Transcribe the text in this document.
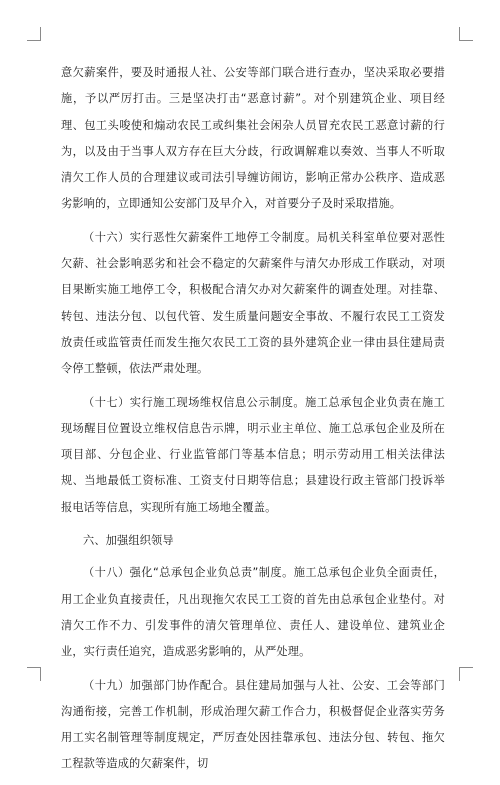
意欠薪案件，要及时通报人社、公安等部门联合进行查办，坚决采取必要措施，予以严厉打击。三是坚决打击“恶意讨薪”。对个别建筑企业、项目经理、包工头唆使和煽动农民工或纠集社会闲杂人员冒充农民工恶意讨薪的行为，以及由于当事人双方存在巨大分歧，行政调解难以奏效、当事人不听取清欠工作人员的合理建议或司法引导缠访闹访，影响正常办公秩序、造成恶劣影响的，立即通知公安部门及早介入，对首要分子及时采取措施。

（十六）实行恶性欠薪案件工地停工令制度。局机关科室单位要对恶性欠薪、社会影响恶劣和社会不稳定的欠薪案件与清欠办形成工作联动，对项目果断实施工地停工令，积极配合清欠办对欠薪案件的调查处理。对挂靠、转包、违法分包、以包代管、发生质量问题安全事故、不履行农民工工资发放责任或监管责任而发生拖欠农民工工资的县外建筑企业一律由县住建局责令停工整顿，依法严肃处理。

（十七）实行施工现场维权信息公示制度。施工总承包企业负责在施工现场醒目位置设立维权信息告示牌，明示业主单位、施工总承包企业及所在项目部、分包企业、行业监管部门等基本信息；明示劳动用工相关法律法规、当地最低工资标准、工资支付日期等信息；县建设行政主管部门投诉举报电话等信息，实现所有施工场地全覆盖。

六、加强组织领导

（十八）强化“总承包企业负总责”制度。施工总承包企业负全面责任，用工企业负直接责任，凡出现拖欠农民工工资的首先由总承包企业垫付。对清欠工作不力、引发事件的清欠管理单位、责任人、建设单位、建筑业企业，实行责任追究，造成恶劣影响的，从严处理。

（十九）加强部门协作配合。县住建局加强与人社、公安、工会等部门沟通衔接，完善工作机制，形成治理欠薪工作合力，积极督促企业落实劳务用工实名制管理等制度规定，严厉查处因挂靠承包、违法分包、转包、拖欠工程款等造成的欠薪案件，切
